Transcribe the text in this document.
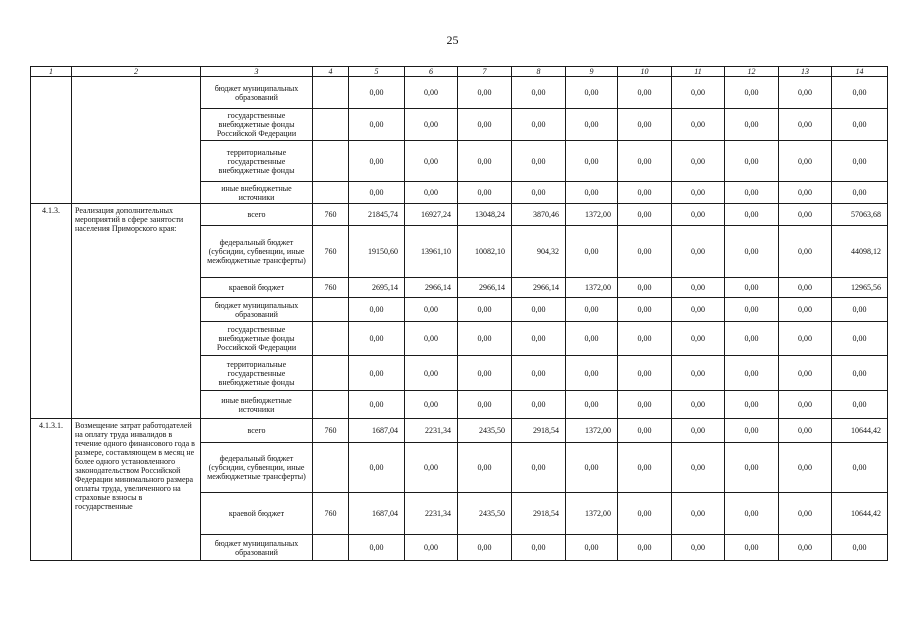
25
1	2	3	4	5	6	7	8	9	10	11	12	13	14
		бюджет муниципальных образований		0,00	0,00	0,00	0,00	0,00	0,00	0,00	0,00	0,00	0,00
		государственные внебюджетные фонды Российской Федерации		0,00	0,00	0,00	0,00	0,00	0,00	0,00	0,00	0,00	0,00
		территориальные государственные внебюджетные фонды		0,00	0,00	0,00	0,00	0,00	0,00	0,00	0,00	0,00	0,00
		иные внебюджетные источники		0,00	0,00	0,00	0,00	0,00	0,00	0,00	0,00	0,00	0,00
4.1.3.	Реализация дополнительных мероприятий в сфере занятости населения Приморского края:	всего	760	21845,74	16927,24	13048,24	3870,46	1372,00	0,00	0,00	0,00	0,00	57063,68
		федеральный бюджет (субсидии, субвенции, иные межбюджетные трансферты)	760	19150,60	13961,10	10082,10	904,32	0,00	0,00	0,00	0,00	0,00	44098,12
		краевой бюджет	760	2695,14	2966,14	2966,14	2966,14	1372,00	0,00	0,00	0,00	0,00	12965,56
		бюджет муниципальных образований		0,00	0,00	0,00	0,00	0,00	0,00	0,00	0,00	0,00	0,00
		государственные внебюджетные фонды Российской Федерации		0,00	0,00	0,00	0,00	0,00	0,00	0,00	0,00	0,00	0,00
		территориальные государственные внебюджетные фонды		0,00	0,00	0,00	0,00	0,00	0,00	0,00	0,00	0,00	0,00
		иные внебюджетные источники		0,00	0,00	0,00	0,00	0,00	0,00	0,00	0,00	0,00	0,00
4.1.3.1.	Возмещение затрат работодателей на оплату труда инвалидов в течение одного финансового года в размере, составляющем в месяц не более одного установленного законодательством Российской Федерации минимального размера оплаты труда, увеличенного на страховые взносы в государственные	всего	760	1687,04	2231,34	2435,50	2918,54	1372,00	0,00	0,00	0,00	0,00	10644,42
		федеральный бюджет (субсидии, субвенции, иные межбюджетные трансферты)		0,00	0,00	0,00	0,00	0,00	0,00	0,00	0,00	0,00	0,00
		краевой бюджет	760	1687,04	2231,34	2435,50	2918,54	1372,00	0,00	0,00	0,00	0,00	10644,42
		бюджет муниципальных образований		0,00	0,00	0,00	0,00	0,00	0,00	0,00	0,00	0,00	0,00
